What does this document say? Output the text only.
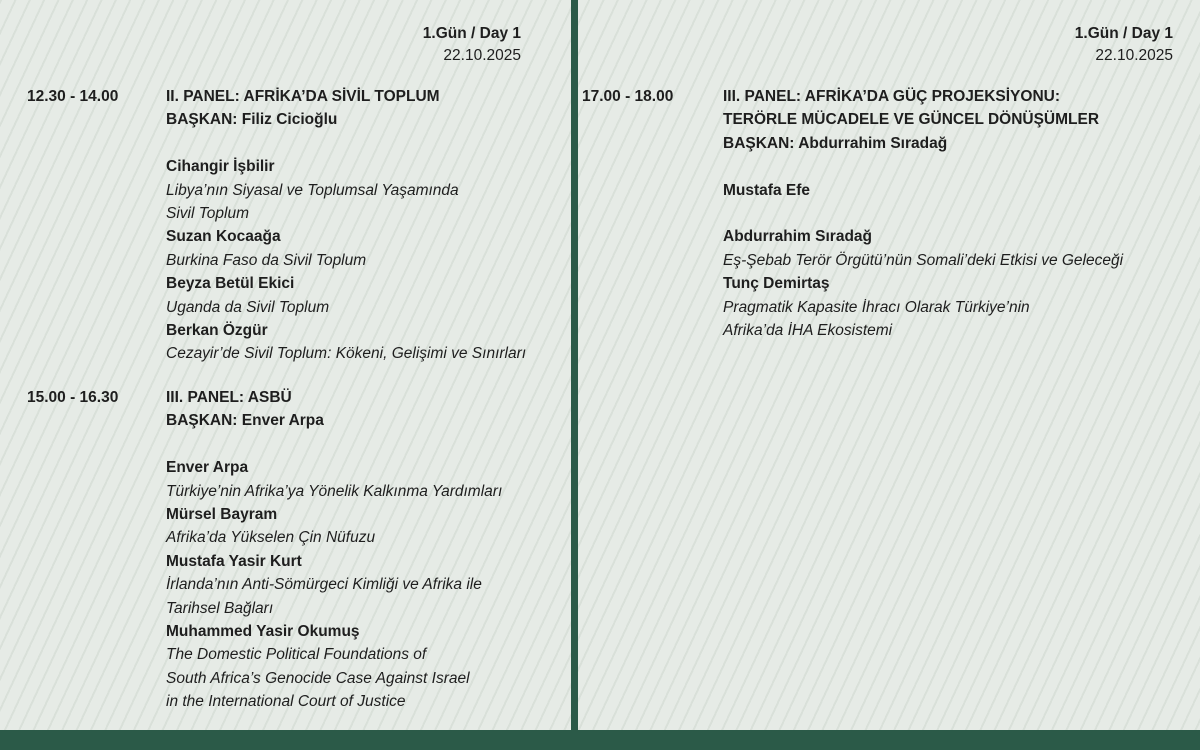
1.Gün / Day 1
22.10.2025
1.Gün / Day 1
22.10.2025
12.30 - 14.00	II. PANEL: AFRİKA’DA SİVİL TOPLUM
BAŞKAN: Filiz Cicioğlu
Cihangir İşbilir
Libya’nın Siyasal ve Toplumsal Yaşamında
Sivil Toplum
Suzan Kocaağa
Burkina Faso da Sivil Toplum
Beyza Betül Ekici
Uganda da Sivil Toplum
Berkan Özgür
Cezayir’de Sivil Toplum: Kökeni, Gelişimi ve Sınırları
15.00 - 16.30	III. PANEL: ASBÜ
BAŞKAN: Enver Arpa
Enver Arpa
Türkiye’nin Afrika’ya Yönelik Kalkınma Yardımları
Mürsel Bayram
Afrika’da Yükselen Çin Nüfuzu
Mustafa Yasir Kurt
İrlanda’nın Anti-Sömürgeci Kimliği ve Afrika ile
Tarihsel Bağları
Muhammed Yasir Okumuş
The Domestic Political Foundations of
South Africa’s Genocide Case Against Israel
in the International Court of Justice
17.00 - 18.00	III. PANEL: AFRİKA’DA GÜÇ PROJEKSİYONU:
TERÖRLE MÜCADELE VE GÜNCEL DÖNÜŞÜMLER
BAŞKAN: Abdurrahim Sıradağ
Mustafa Efe
Abdurrahim Sıradağ
Eş-Şebab Terör Örgütü’nün Somali’deki Etkisi ve Geleceği
Tunç Demirtaş
Pragmatik Kapasite İhracı Olarak Türkiye’nin
Afrika’da İHA Ekosistemi
